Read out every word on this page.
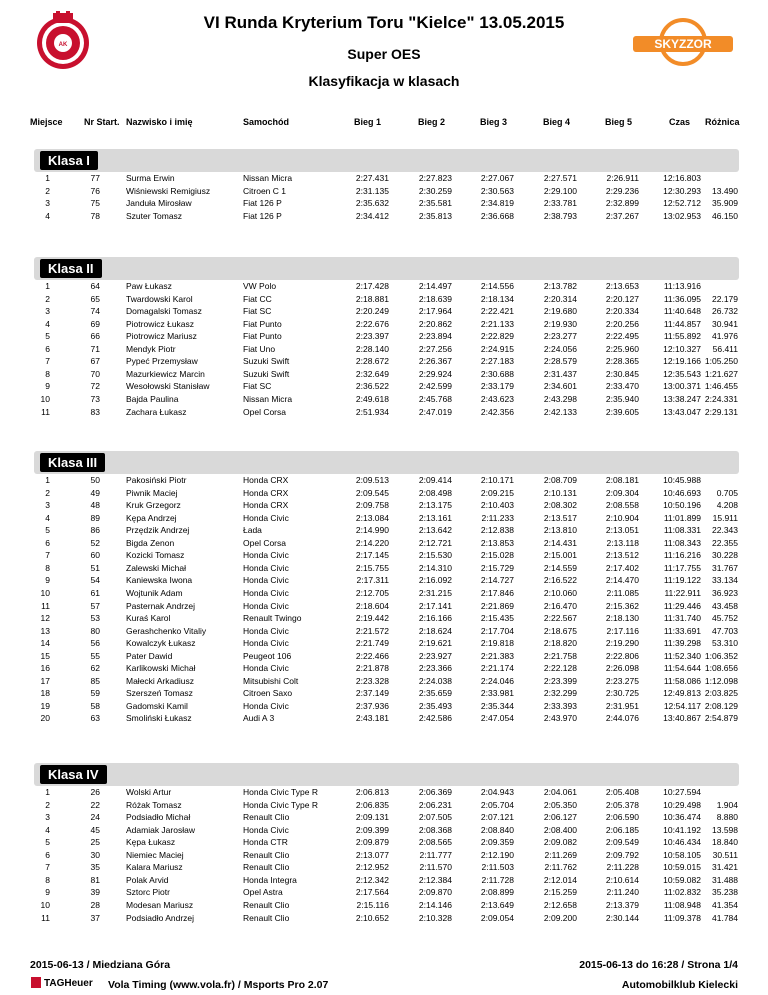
AK
VI Runda Kryterium Toru "Kielce" 13.05.2015
Super OES
Klasyfikacja w klasach
SKYZZOR
Miejsce Nr Start. Nazwisko i imię	Samochód	Bieg 1	Bieg 2	Bieg 3	Bieg 4	Bieg 5	Czas Różnica
Klasa I
1	77	Surma Erwin	Nissan Micra	2:27.431	2:27.823	2:27.067	2:27.571	2:26.911	12:16.803
2	76	Wiśniewski Remigiusz	Citroen C 1	2:31.135	2:30.259	2:30.563	2:29.100	2:29.236	12:30.293	13.490
3	75	Janduła Mirosław	Fiat 126 P	2:35.632	2:35.581	2:34.819	2:33.781	2:32.899	12:52.712	35.909
4	78	Szuter Tomasz	Fiat 126 P	2:34.412	2:35.813	2:36.668	2:38.793	2:37.267	13:02.953	46.150
Klasa II
1	64	Paw Łukasz	VW Polo	2:17.428	2:14.497	2:14.556	2:13.782	2:13.653	11:13.916
2	65	Twardowski Karol	Fiat CC	2:18.881	2:18.639	2:18.134	2:20.314	2:20.127	11:36.095	22.179
3	74	Domagalski Tomasz	Fiat SC	2:20.249	2:17.964	2:22.421	2:19.680	2:20.334	11:40.648	26.732
4	69	Piotrowicz Łukasz	Fiat Punto	2:22.676	2:20.862	2:21.133	2:19.930	2:20.256	11:44.857	30.941
5	66	Piotrowicz Mariusz	Fiat Punto	2:23.397	2:23.894	2:22.829	2:23.277	2:22.495	11:55.892	41.976
6	71	Mendyk Piotr	Fiat Uno	2:28.140	2:27.256	2:24.915	2:24.056	2:25.960	12:10.327	56.411
7	67	Pypeć Przemysław	Suzuki Swift	2:28.672	2:26.367	2:27.183	2:28.579	2:28.365	12:19.166 1:05.250
8	70	Mazurkiewicz Marcin	Suzuki Swift	2:32.649	2:29.924	2:30.688	2:31.437	2:30.845	12:35.543 1:21.627
9	72	Wesołowski Stanisław	Fiat SC	2:36.522	2:42.599	2:33.179	2:34.601	2:33.470	13:00.371 1:46.455
10	73	Bajda Paulina	Nissan Micra	2:49.618	2:45.768	2:43.623	2:43.298	2:35.940	13:38.247 2:24.331
11	83	Zachara Łukasz	Opel Corsa	2:51.934	2:47.019	2:42.356	2:42.133	2:39.605	13:43.047 2:29.131
Klasa III
1	50	Pakosiński Piotr	Honda CRX	2:09.513	2:09.414	2:10.171	2:08.709	2:08.181	10:45.988
2	49	Piwnik Maciej	Honda CRX	2:09.545	2:08.498	2:09.215	2:10.131	2:09.304	10:46.693	0.705
3	48	Kruk Grzegorz	Honda CRX	2:09.758	2:13.175	2:10.403	2:08.302	2:08.558	10:50.196	4.208
4	89	Kępa Andrzej	Honda Civic	2:13.084	2:13.161	2:11.233	2:13.517	2:10.904	11:01.899	15.911
5	86	Przędzik Andrzej	Łada	2:14.990	2:13.642	2:12.838	2:13.810	2:13.051	11:08.331	22.343
6	52	Bigda Zenon	Opel Corsa	2:14.220	2:12.721	2:13.853	2:14.431	2:13.118	11:08.343	22.355
7	60	Kozicki Tomasz	Honda Civic	2:17.145	2:15.530	2:15.028	2:15.001	2:13.512	11:16.216	30.228
8	51	Zalewski Michał	Honda Civic	2:15.755	2:14.310	2:15.729	2:14.559	2:17.402	11:17.755	31.767
9	54	Kaniewska Iwona	Honda Civic	2:17.311	2:16.092	2:14.727	2:16.522	2:14.470	11:19.122	33.134
10	61	Wojtunik Adam	Honda Civic	2:12.705	2:31.215	2:17.846	2:10.060	2:11.085	11:22.911	36.923
11	57	Pasternak Andrzej	Honda Civic	2:18.604	2:17.141	2:21.869	2:16.470	2:15.362	11:29.446	43.458
12	53	Kuraś Karol	Renault Twingo	2:19.442	2:16.166	2:15.435	2:22.567	2:18.130	11:31.740	45.752
13	80	Gerashchenko Vitaliy	Honda Civic	2:21.572	2:18.624	2:17.704	2:18.675	2:17.116	11:33.691	47.703
14	56	Kowalczyk Łukasz	Honda Civic	2:21.749	2:19.621	2:19.818	2:18.820	2:19.290	11:39.298	53.310
15	55	Pater Dawid	Peugeot 106	2:22.466	2:23.927	2:21.383	2:21.758	2:22.806	11:52.340 1:06.352
16	62	Karlikowski Michał	Honda Civic	2:21.878	2:23.366	2:21.174	2:22.128	2:26.098	11:54.644 1:08.656
17	85	Małecki Arkadiusz	Mitsubishi Colt	2:23.328	2:24.038	2:24.046	2:23.399	2:23.275	11:58.086 1:12.098
18	59	Szerszeń Tomasz	Citroen Saxo	2:37.149	2:35.659	2:33.981	2:32.299	2:30.725	12:49.813 2:03.825
19	58	Gadomski Kamil	Honda Civic	2:37.936	2:35.493	2:35.344	2:33.393	2:31.951	12:54.117 2:08.129
20	63	Smoliński Łukasz	Audi A 3	2:43.181	2:42.586	2:47.054	2:43.970	2:44.076	13:40.867 2:54.879
Klasa IV
1	26	Wolski Artur	Honda Civic Type R	2:06.813	2:06.369	2:04.943	2:04.061	2:05.408	10:27.594
2	22	Różak Tomasz	Honda Civic Type R	2:06.835	2:06.231	2:05.704	2:05.350	2:05.378	10:29.498	1.904
3	24	Podsiadło Michał	Renault Clio	2:09.131	2:07.505	2:07.121	2:06.127	2:06.590	10:36.474	8.880
4	45	Adamiak Jarosław	Honda Civic	2:09.399	2:08.368	2:08.840	2:08.400	2:06.185	10:41.192	13.598
5	25	Kępa Łukasz	Honda CTR	2:09.879	2:08.565	2:09.359	2:09.082	2:09.549	10:46.434	18.840
6	30	Niemiec Maciej	Renault Clio	2:13.077	2:11.777	2:12.190	2:11.269	2:09.792	10:58.105	30.511
7	35	Kalara Mariusz	Renault Clio	2:12.952	2:11.570	2:11.503	2:11.762	2:11.228	10:59.015	31.421
8	81	Polak Arvid	Honda Integra	2:12.342	2:12.384	2:11.728	2:12.014	2:10.614	10:59.082	31.488
9	39	Sztorc Piotr	Opel Astra	2:17.564	2:09.870	2:08.899	2:15.259	2:11.240	11:02.832	35.238
10	28	Modesan Mariusz	Renault Clio	2:15.116	2:14.146	2:13.649	2:12.658	2:13.379	11:08.948	41.354
11	37	Podsiadło Andrzej	Renault Clio	2:10.652	2:10.328	2:09.054	2:09.200	2:30.144	11:09.378	41.784
2015-06-13 / Miedziana Góra	2015-06-13 do 16:28 / Strona 1/4
TAGHeuer Vola Timing (www.vola.fr) / Msports Pro 2.07	Automobilklub Kielecki
